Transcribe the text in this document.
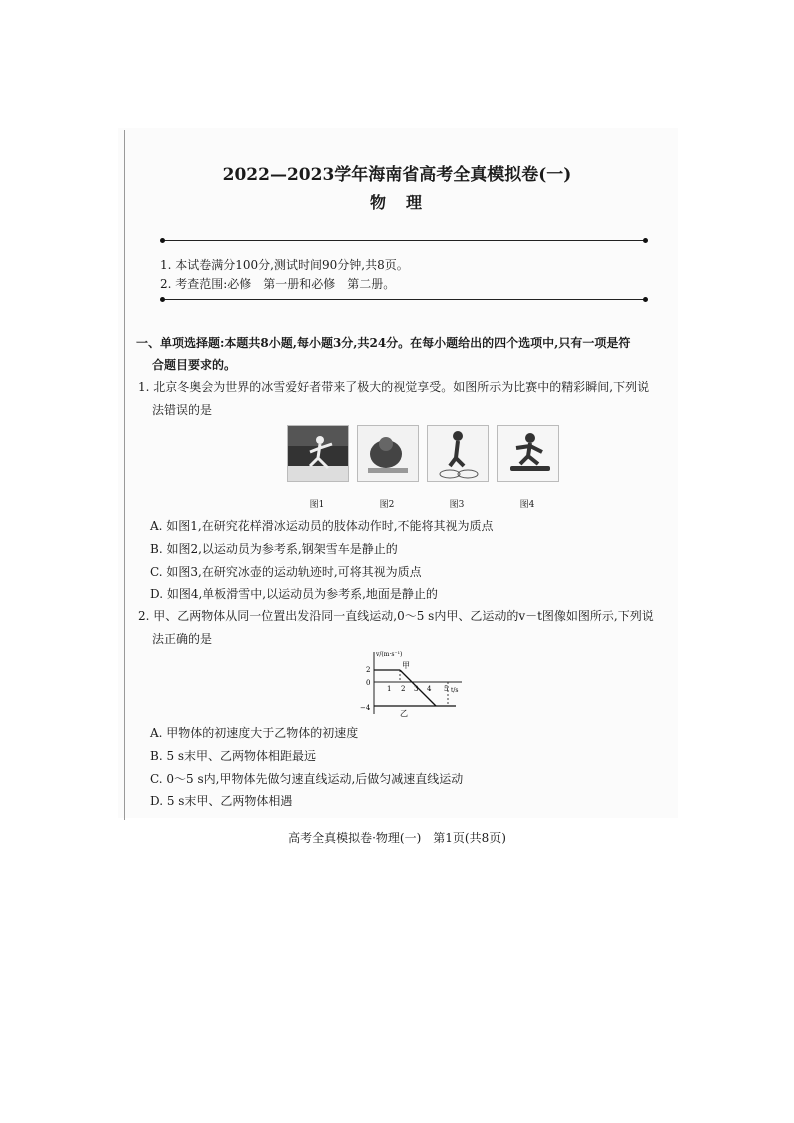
2022—2023学年海南省高考全真模拟卷(一)
物　理
1. 本试卷满分100分,测试时间90分钟,共8页。
2. 考查范围:必修　第一册和必修　第二册。
一、单项选择题:本题共8小题,每小题3分,共24分。在每小题给出的四个选项中,只有一项是符
合题目要求的。
1. 北京冬奥会为世界的冰雪爱好者带来了极大的视觉享受。如图所示为比赛中的精彩瞬间,下列说
法错误的是
图1	图2	图3	图4
A. 如图1,在研究花样滑冰运动员的肢体动作时,不能将其视为质点
B. 如图2,以运动员为参考系,钢架雪车是静止的
C. 如图3,在研究冰壶的运动轨迹时,可将其视为质点
D. 如图4,单板滑雪中,以运动员为参考系,地面是静止的
2. 甲、乙两物体从同一位置出发沿同一直线运动,0～5 s内甲、乙运动的v－t图像如图所示,下列说
法正确的是
v/(m·s⁻¹)
t/s
2
0
−4
1 2 3 4 5
甲
乙
A. 甲物体的初速度大于乙物体的初速度
B. 5 s末甲、乙两物体相距最远
C. 0～5 s内,甲物体先做匀速直线运动,后做匀减速直线运动
D. 5 s末甲、乙两物体相遇
高考全真模拟卷·物理(一)　第1页(共8页)
